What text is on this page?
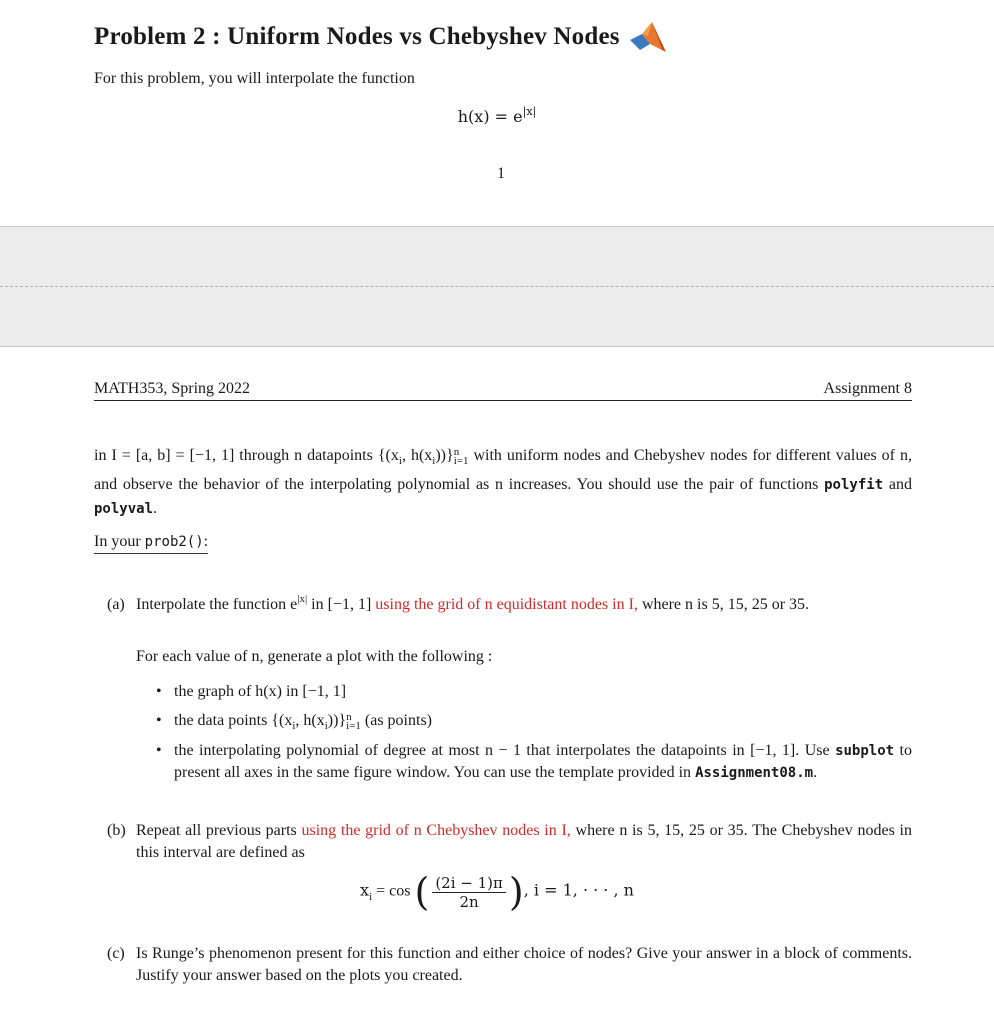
Problem 2 : Uniform Nodes vs Chebyshev Nodes
For this problem, you will interpolate the function
$h(x) = e^{|x|}$
1
MATH353, Spring 2022	Assignment 8
in I = [a, b] = [−1, 1] through n datapoints {($x_i$, $h(x_i)$)} n
i=1 with uniform nodes and Chebyshev nodes for different values of n, and observe the behavior of the interpolating polynomial as n increases. You should use the pair of functions polyfit and polyval.
In your prob2():
(a) Interpolate the function $e^{|x|}$ in [−1, 1] using the grid of n equidistant nodes in I, where n is 5, 15, 25 or 35.
For each value of n, generate a plot with the following :
• the graph of h(x) in [−1, 1]
• the data points {($x_i$, $h(x_i)$)} n
i=1 (as points)
• the interpolating polynomial of degree at most n − 1 that interpolates the datapoints in [−1, 1]. Use subplot to present all axes in the same figure window. You can use the template provided in Assignment08.m.
(b) Repeat all previous parts using the grid of n Chebyshev nodes in I, where n is 5, 15, 25 or 35. The Chebyshev nodes in this interval are defined as
$x_i = \cos$ ( $\frac{(2i - 1)\pi}{2n}$ ), i = 1, · · · , n
(c) Is Runge’s phenomenon present for this function and either choice of nodes? Give your answer in a block of comments. Justify your answer based on the plots you created.
